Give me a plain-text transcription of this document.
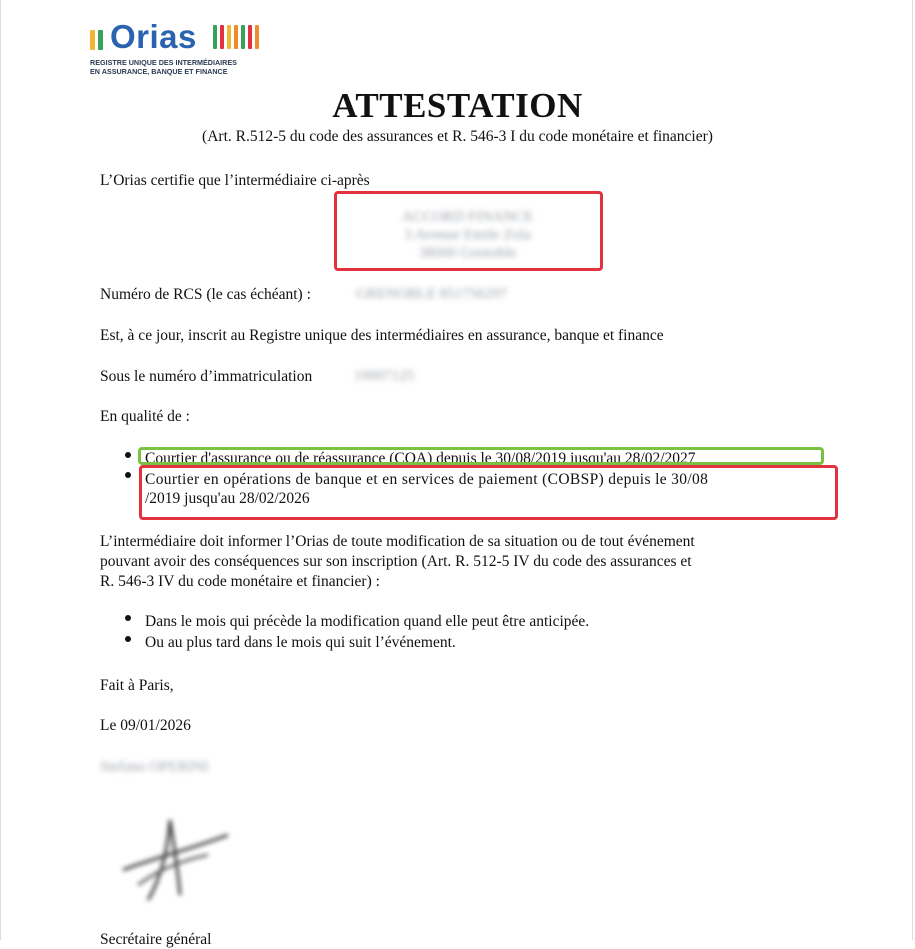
Orias
REGISTRE UNIQUE DES INTERMÉDIAIRES
EN ASSURANCE, BANQUE ET FINANCE
ATTESTATION
(Art. R.512-5 du code des assurances et R. 546-3 I du code monétaire et financier)
L’Orias certifie que l’intermédiaire ci-après
ACCORD FINANCE
3 Avenue Emile Zola
38000 Grenoble
Numéro de RCS (le cas échéant) :	GRENOBLE 851756297
Est, à ce jour, inscrit au Registre unique des intermédiaires en assurance, banque et finance
Sous le numéro d’immatriculation	19007125
En qualité de :
Courtier d'assurance ou de réassurance (COA) depuis le 30/08/2019 jusqu'au 28/02/2027
Courtier en opérations de banque et en services de paiement (COBSP) depuis le 30/08
/2019 jusqu'au 28/02/2026
L’intermédiaire doit informer l’Orias de toute modification de sa situation ou de tout événement
pouvant avoir des conséquences sur son inscription (Art. R. 512-5 IV du code des assurances et
R. 546-3 IV du code monétaire et financier) :
Dans le mois qui précède la modification quand elle peut être anticipée.
Ou au plus tard dans le mois qui suit l’événement.
Fait à Paris,
Le 09/01/2026
Stefano OPERINI
Secrétaire général
